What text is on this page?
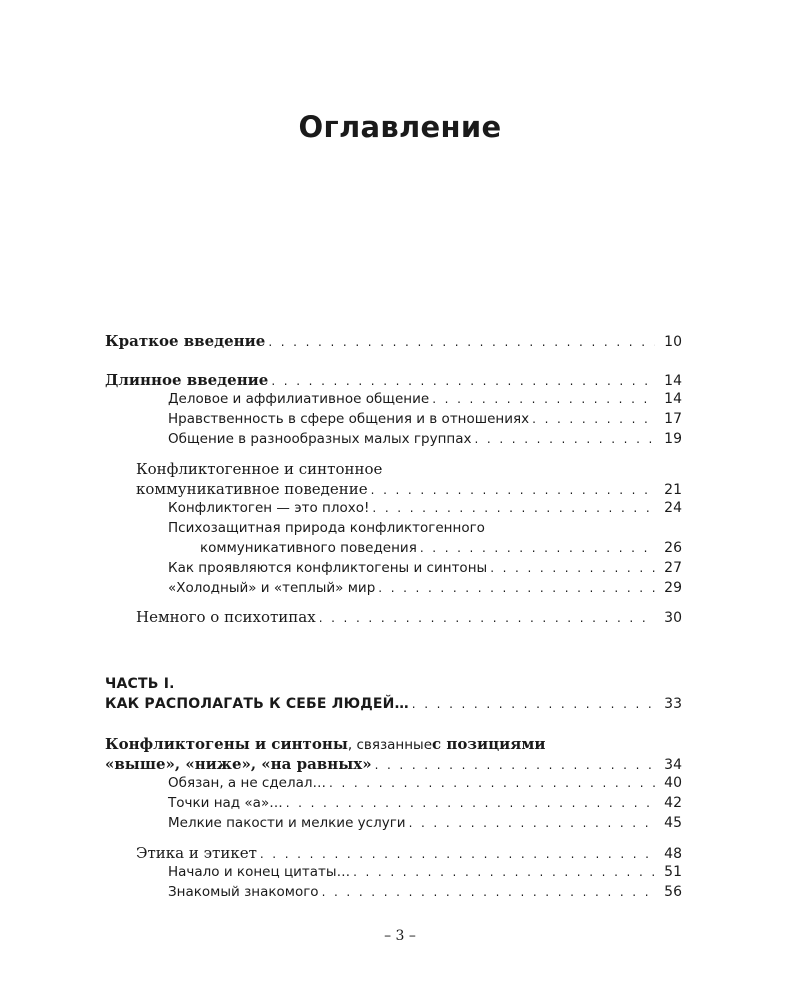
Оглавление
Краткое введение . . .	10
Длинное введение . . .	14
Деловое и аффилиативное общение . . .	14
Нравственность в сфере общения и в отношениях . . .	17
Общение в разнообразных малых группах . . .	19
Конфликтогенное и синтонное
коммуникативное поведение . . .	21
Конфликтоген — это плохо! . . .	24
Психозащитная природа конфликтогенного
коммуникативного поведения . . .	26
Как проявляются конфликтогены и синтоны . . .	27
«Холодный» и «теплый» мир . . .	29
Немного о психотипах . . .	30
ЧАСТЬ I.
КАК РАСПОЛАГАТЬ К СЕБЕ ЛЮДЕЙ… . . .	33
Конфликтогены и синтоны , связанные с позициями
«выше», «ниже», «на равных» . . .	34
Обязан, а не сделал… . . .	40
Точки над «а»… . . .	42
Мелкие пакости и мелкие услуги . . .	45
Этика и этикет . . .	48
Начало и конец цитаты… . . .	51
Знакомый знакомого . . .	56
– 3 –
